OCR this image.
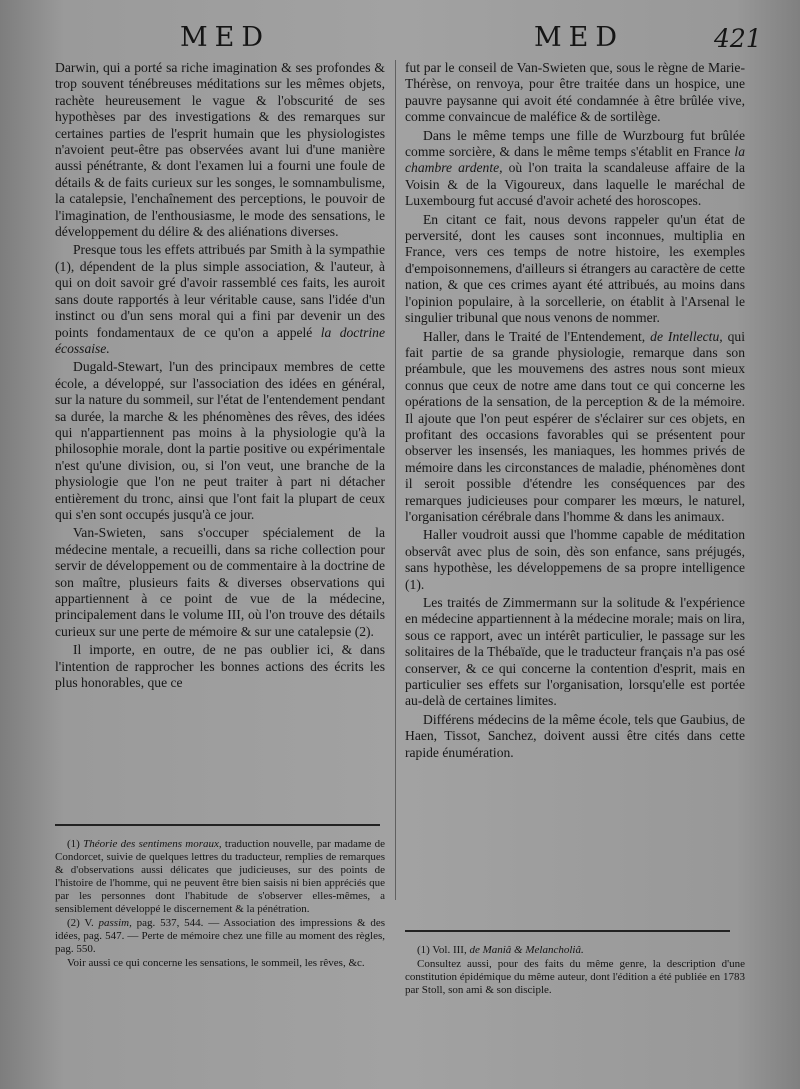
MED	MED	421

Darwin, qui a porté sa riche imagination & ses profondes & trop souvent ténébreuses méditations sur les mêmes objets, rachète heureusement le vague & l'obscurité de ses hypothèses par des investigations & des remarques sur certaines parties de l'esprit humain que les physiologistes n'avoient peut-être pas observées avant lui d'une manière aussi pénétrante, & dont l'examen lui a fourni une foule de détails & de faits curieux sur les songes, le somnambulisme, la catalepsie, l'enchaînement des perceptions, le pouvoir de l'imagination, de l'enthousiasme, le mode des sensations, le développement du délire & des aliénations diverses.

Presque tous les effets attribués par Smith à la sympathie (1), dépendent de la plus simple association, & l'auteur, à qui on doit savoir gré d'avoir rassemblé ces faits, les auroit sans doute rapportés à leur véritable cause, sans l'idée d'un instinct ou d'un sens moral qui a fini par devenir un des points fondamentaux de ce qu'on a appelé la doctrine écossaise.

Dugald-Stewart, l'un des principaux membres de cette école, a développé, sur l'association des idées en général, sur la nature du sommeil, sur l'état de l'entendement pendant sa durée, la marche & les phénomènes des rêves, des idées qui n'appartiennent pas moins à la physiologie qu'à la philosophie morale, dont la partie positive ou expérimentale n'est qu'une division, ou, si l'on veut, une branche de la physiologie que l'on ne peut traiter à part ni détacher entièrement du tronc, ainsi que l'ont fait la plupart de ceux qui s'en sont occupés jusqu'à ce jour.

Van-Swieten, sans s'occuper spécialement de la médecine mentale, a recueilli, dans sa riche collection pour servir de développement ou de commentaire à la doctrine de son maître, plusieurs faits & diverses observations qui appartiennent à ce point de vue de la médecine, principalement dans le volume III, où l'on trouve des détails curieux sur une perte de mémoire & sur une catalepsie (2).

Il importe, en outre, de ne pas oublier ici, & dans l'intention de rapprocher les bonnes actions des écrits les plus honorables, que ce

fut par le conseil de Van-Swieten que, sous le règne de Marie-Thérèse, on renvoya, pour être traitée dans un hospice, une pauvre paysanne qui avoit été condamnée à être brûlée vive, comme convaincue de maléfice & de sortilège.

Dans le même temps une fille de Wurzbourg fut brûlée comme sorcière, & dans le même temps s'établit en France la chambre ardente, où l'on traita la scandaleuse affaire de la Voisin & de la Vigoureux, dans laquelle le maréchal de Luxembourg fut accusé d'avoir acheté des horoscopes.

En citant ce fait, nous devons rappeler qu'un état de perversité, dont les causes sont inconnues, multiplia en France, vers ces temps de notre histoire, les exemples d'empoisonnemens, d'ailleurs si étrangers au caractère de cette nation, & que ces crimes ayant été attribués, au moins dans l'opinion populaire, à la sorcellerie, on établit à l'Arsenal le singulier tribunal que nous venons de nommer.

Haller, dans le Traité de l'Entendement, de Intellectu, qui fait partie de sa grande physiologie, remarque dans son préambule, que les mouvemens des astres nous sont mieux connus que ceux de notre ame dans tout ce qui concerne les opérations de la sensation, de la perception & de la mémoire. Il ajoute que l'on peut espérer de s'éclairer sur ces objets, en profitant des occasions favorables qui se présentent pour observer les insensés, les maniaques, les hommes privés de mémoire dans les circonstances de maladie, phénomènes dont il seroit possible d'étendre les conséquences par des remarques judicieuses pour comparer les mœurs, le naturel, l'organisation cérébrale dans l'homme & dans les animaux.

Haller voudroit aussi que l'homme capable de méditation observât avec plus de soin, dès son enfance, sans préjugés, sans hypothèse, les développemens de sa propre intelligence (1).

Les traités de Zimmermann sur la solitude & l'expérience en médecine appartiennent à la médecine morale; mais on lira, sous ce rapport, avec un intérêt particulier, le passage sur les solitaires de la Thébaïde, que le traducteur français n'a pas osé conserver, & ce qui concerne la contention d'esprit, mais en particulier ses effets sur l'organisation, lorsqu'elle est portée au-delà de certaines limites.

Différens médecins de la même école, tels que Gaubius, de Haen, Tissot, Sanchez, doivent aussi être cités dans cette rapide énumération.

(1) Théorie des sentimens moraux, traduction nouvelle, par madame de Condorcet, suivie de quelques lettres du traducteur, remplies de remarques & d'observations aussi délicates que judicieuses, sur des points de l'histoire de l'homme, qui ne peuvent être bien saisis ni bien appréciés que par les personnes dont l'habitude de s'observer elles-mêmes, a sensiblement développé le discernement & la pénétration.

(2) V. passim, pag. 537, 544. — Association des impressions & des idées, pag. 547. — Perte de mémoire chez une fille au moment des règles, pag. 550.

Voir aussi ce qui concerne les sensations, le sommeil, les rêves, &c.

(1) Vol. III, de Maniâ & Melancholiâ.

Consultez aussi, pour des faits du même genre, la description d'une constitution épidémique du même auteur, dont l'édition a été publiée en 1783 par Stoll, son ami & son disciple.
